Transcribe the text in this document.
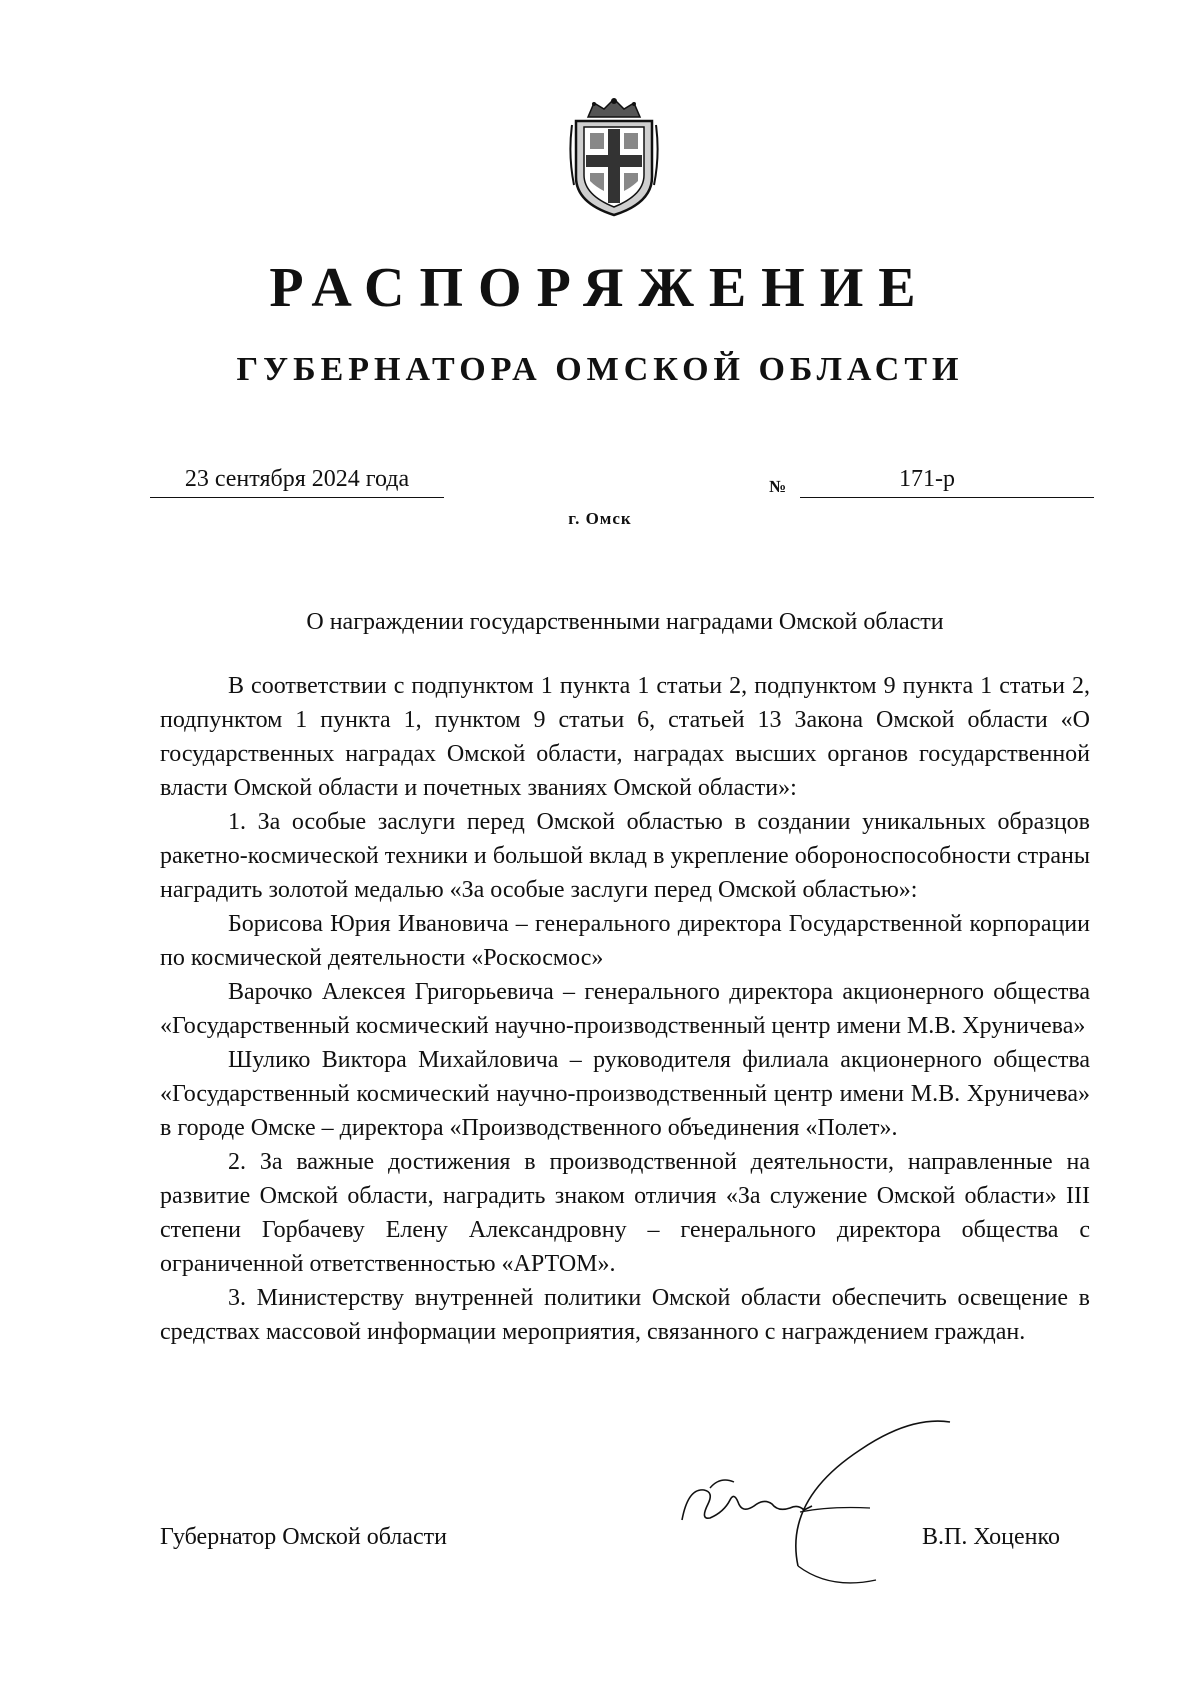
РАСПОРЯЖЕНИЕ
ГУБЕРНАТОРА ОМСКОЙ ОБЛАСТИ
23 сентября 2024 года	№	171-р
г. Омск
О награждении государственными наградами Омской области

В соответствии с подпунктом 1 пункта 1 статьи 2, подпунктом 9 пункта 1 статьи 2, подпунктом 1 пункта 1, пунктом 9 статьи 6, статьей 13 Закона Омской области «О государственных наградах Омской области, наградах высших органов государственной власти Омской области и почетных званиях Омской области»:

1. За особые заслуги перед Омской областью в создании уникальных образцов ракетно-космической техники и большой вклад в укрепление обороноспособности страны наградить золотой медалью «За особые заслуги перед Омской областью»:

Борисова Юрия Ивановича – генерального директора Государственной корпорации по космической деятельности «Роскосмос»

Варочко Алексея Григорьевича – генерального директора акционерного общества «Государственный космический научно-производственный центр имени М.В. Хруничева»

Шулико Виктора Михайловича – руководителя филиала акционерного общества «Государственный космический научно-производственный центр имени М.В. Хруничева» в городе Омске – директора «Производственного объединения «Полет».

2. За важные достижения в производственной деятельности, направленные на развитие Омской области, наградить знаком отличия «За служение Омской области» III степени Горбачеву Елену Александровну – генерального директора общества с ограниченной ответственностью «АРТОМ».

3. Министерству внутренней политики Омской области обеспечить освещение в средствах массовой информации мероприятия, связанного с награждением граждан.

Губернатор Омской области	В.П. Хоценко
